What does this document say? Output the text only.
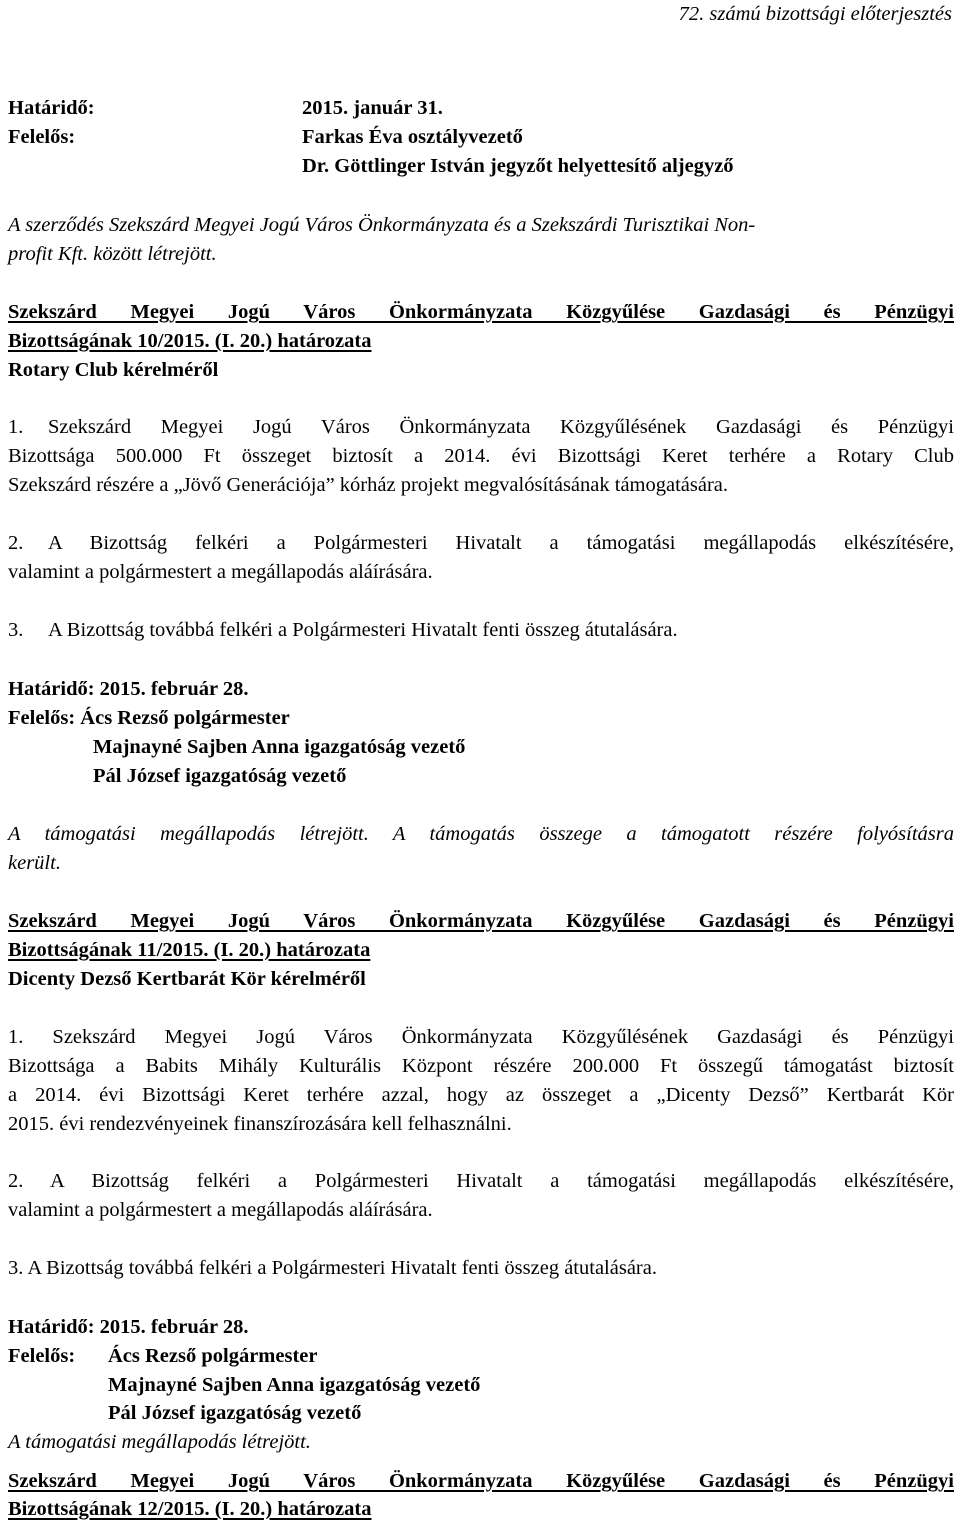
72. számú bizottsági előterjesztés
Határidő:	2015. január 31.
Felelős:	Farkas Éva osztályvezető
Dr. Göttlinger István jegyzőt helyettesítő aljegyző
A szerződés Szekszárd Megyei Jogú Város Önkormányzata és a Szekszárdi Turisztikai Non-
profit Kft. között létrejött.
Szekszárd Megyei Jogú Város Önkormányzata Közgyűlése Gazdasági és Pénzügyi
Bizottságának 10/2015. (I. 20.) határozata
Rotary Club kérelméről
1. Szekszárd Megyei Jogú Város Önkormányzata Közgyűlésének Gazdasági és Pénzügyi
Bizottsága 500.000 Ft összeget biztosít a 2014. évi Bizottsági Keret terhére a Rotary Club
Szekszárd részére a „Jövő Generációja” kórház projekt megvalósításának támogatására.
2. A Bizottság felkéri a Polgármesteri Hivatalt a támogatási megállapodás elkészítésére,
valamint a polgármestert a megállapodás aláírására.
3. A Bizottság továbbá felkéri a Polgármesteri Hivatalt fenti összeg átutalására.
Határidő: 2015. február 28.
Felelős: Ács Rezső polgármester
Majnayné Sajben Anna igazgatóság vezető
Pál József igazgatóság vezető
A támogatási megállapodás létrejött. A támogatás összege a támogatott részére folyósításra
került.
Szekszárd Megyei Jogú Város Önkormányzata Közgyűlése Gazdasági és Pénzügyi
Bizottságának 11/2015. (I. 20.) határozata
Dicenty Dezső Kertbarát Kör kérelméről
1. Szekszárd Megyei Jogú Város Önkormányzata Közgyűlésének Gazdasági és Pénzügyi
Bizottsága a Babits Mihály Kulturális Központ részére 200.000 Ft összegű támogatást biztosít
a 2014. évi Bizottsági Keret terhére azzal, hogy az összeget a „Dicenty Dezső” Kertbarát Kör
2015. évi rendezvényeinek finanszírozására kell felhasználni.
2. A Bizottság felkéri a Polgármesteri Hivatalt a támogatási megállapodás elkészítésére,
valamint a polgármestert a megállapodás aláírására.
3. A Bizottság továbbá felkéri a Polgármesteri Hivatalt fenti összeg átutalására.
Határidő: 2015. február 28.
Felelős: Ács Rezső polgármester
Majnayné Sajben Anna igazgatóság vezető
Pál József igazgatóság vezető
A támogatási megállapodás létrejött.
Szekszárd Megyei Jogú Város Önkormányzata Közgyűlése Gazdasági és Pénzügyi
Bizottságának 12/2015. (I. 20.) határozata
